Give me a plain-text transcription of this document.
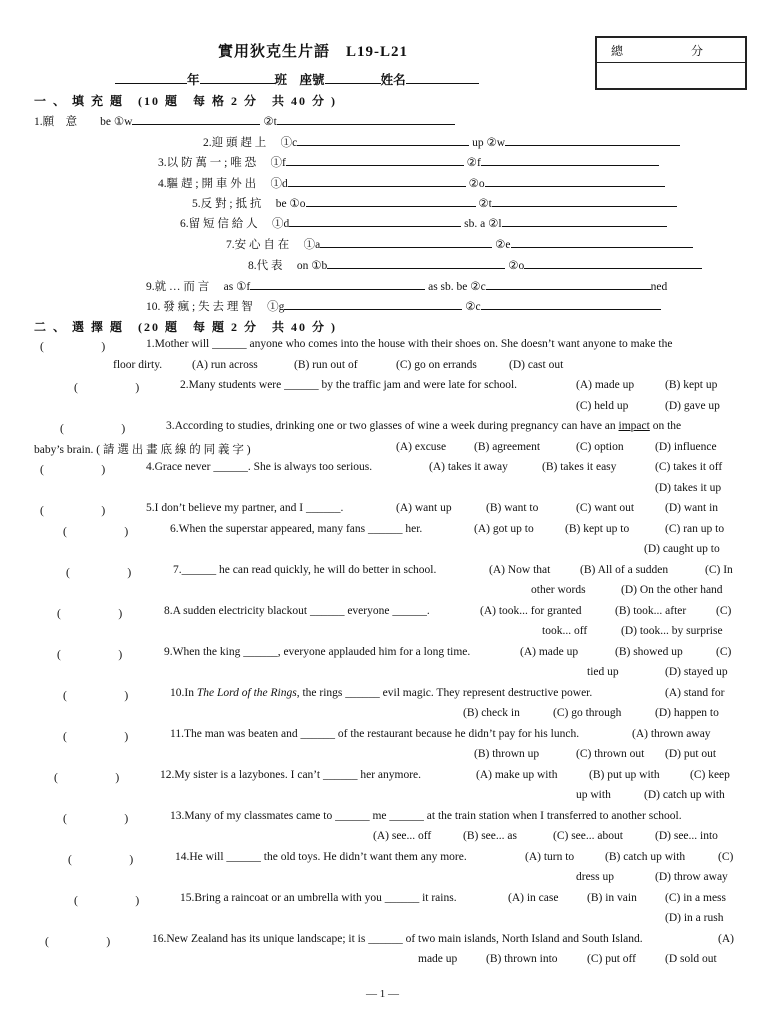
實用狄克生片語　L19-L21	總　　　　分
年	班　 座號	姓名
一 、 填 充 題　(10 題　每 格 2 分　共 40 分 )
1.願　意　　 be ①w	②t
2.迎 頭 趕 上　 ①c	up ②w
3.以 防 萬 一 ; 唯 恐　 ①f	②f
4.驅 趕 ; 開 車 外 出　 ①d	②o
5.反 對 ; 抵 抗　 be ①o	②t
6.留 短 信 給 人　 ①d	sb. a ②l
7.安 心 自 在　 ①a	②e
8.代 表　 on ①b	②o
9.就 … 而 言　 as ①f	as sb. be ②c	ned
10. 發 瘋 ; 失 去 理 智　 ①g	②c
二 、 選 擇 題　(20 題　每 題 2 分　共 40 分 )
(　　　　　)	1.Mother will ______ anyone who comes into the house with their shoes on. She doesn’t want anyone to make the
floor dirty.	(A) run across	(B) run out of	(C) go on errands	(D) cast out
(　　　　　)	2.Many students were ______ by the traffic jam and were late for school.	(A) made up	(B) kept up
(C) held up	(D) gave up
(　　　　　)	3.According to studies, drinking one or two glasses of wine a week during pregnancy can have an impact on the
baby’s brain. ( 請 選 出 畫 底 線 的 同 義 字 )	(A) excuse (B) agreement	(C) option	(D) influence
(　　　　　)	4.Grace never ______. She is always too serious.	(A) takes it away	(B) takes it easy	(C) takes it off
(D) takes it up
(　　　　　)	5.I don’t believe my partner, and I ______.	(A) want up	(B) want to	(C) want out	(D) want in
(　　　　　)	6.When the superstar appeared, many fans ______ her.	(A) got up to	(B) kept up to	(C) ran up to
(D) caught up to
(　　　　　)	7.______ he can read quickly, he will do better in school.	(A) Now that	(B) All of a sudden	(C) In
other words	(D) On the other hand
(　　　　　)	8.A sudden electricity blackout ______ everyone ______.	(A) took... for granted	(B) took... after	(C)
took... off	(D) took... by surprise
(　　　　　)	9.When the king ______, everyone applauded him for a long time.	(A) made up	(B) showed up	(C)
tied up	(D) stayed up
(　　　　　)	10.In The Lord of the Rings, the rings ______ evil magic. They represent destructive power.	(A) stand for
(B) check in	(C) go through	(D) happen to
(　　　　　)	11.The man was beaten and ______ of the restaurant because he didn’t pay for his lunch.	(A) thrown away
(B) thrown up	(C) thrown out (D) put out
(　　　　　)	12.My sister is a lazybones. I can’t ______ her anymore.	(A) make up with	(B) put up with	(C) keep
up with	(D) catch up with
(　　　　　)	13.Many of my classmates came to ______ me ______ at the train station when I transferred to another school.
(A) see... off	(B) see... as	(C) see... about	(D) see... into
(　　　　　)	14.He will ______ the old toys. He didn’t want them any more.	(A) turn to	(B) catch up with	(C)
dress up	(D) throw away
(　　　　　)	15.Bring a raincoat or an umbrella with you ______ it rains.	(A) in case (B) in vain (C) in a mess
(D) in a rush
(　　　　　)	16.New Zealand has its unique landscape; it is ______ of two main islands, North Island and South Island.	(A)
made up (B) thrown into	(C) put off	(D sold out
— 1 —
